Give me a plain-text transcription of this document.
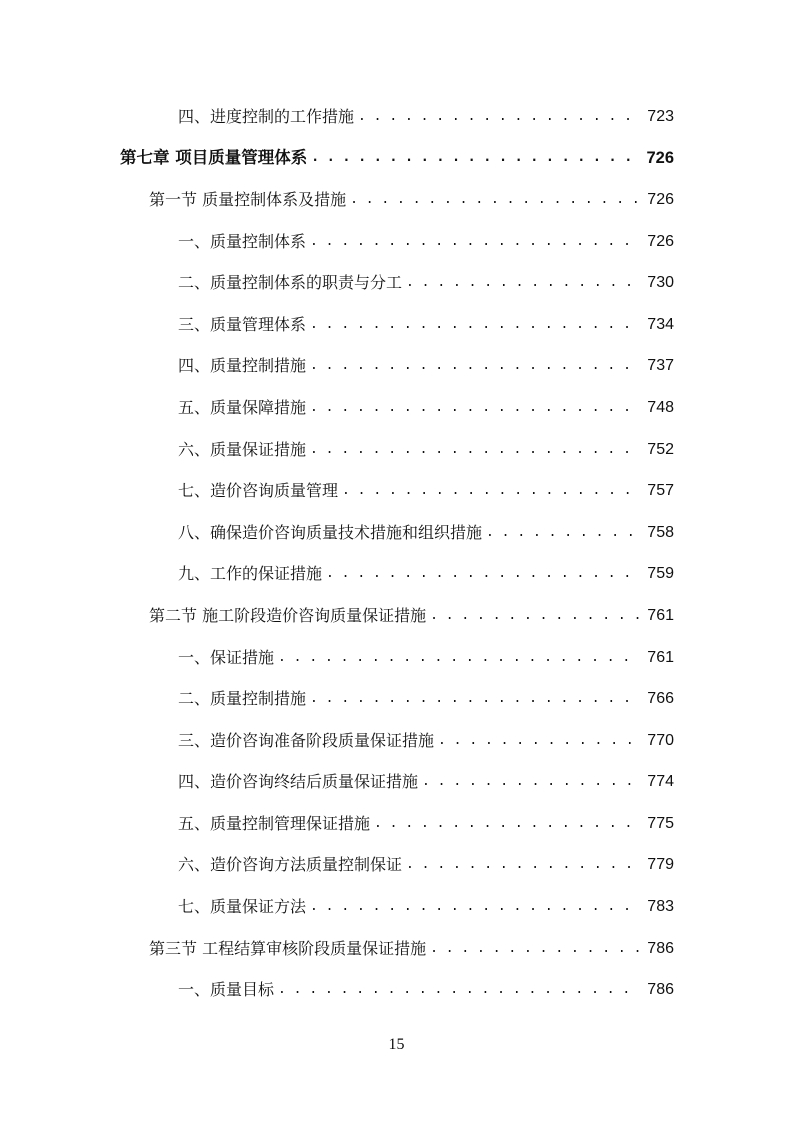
四、进度控制的工作措施 . . .	723
第七章 项目质量管理体系 . . .	726
第一节 质量控制体系及措施 . . .	726
一、质量控制体系 . . .	726
二、质量控制体系的职责与分工 . . .	730
三、质量管理体系 . . .	734
四、质量控制措施 . . .	737
五、质量保障措施 . . .	748
六、质量保证措施 . . .	752
七、造价咨询质量管理 . . .	757
八、确保造价咨询质量技术措施和组织措施 . . .	758
九、工作的保证措施 . . .	759
第二节 施工阶段造价咨询质量保证措施 . . .	761
一、保证措施 . . .	761
二、质量控制措施 . . .	766
三、造价咨询准备阶段质量保证措施 . . .	770
四、造价咨询终结后质量保证措施 . . .	774
五、质量控制管理保证措施 . . .	775
六、造价咨询方法质量控制保证 . . .	779
七、质量保证方法 . . .	783
第三节 工程结算审核阶段质量保证措施 . . .	786
一、质量目标 . . .	786
15
